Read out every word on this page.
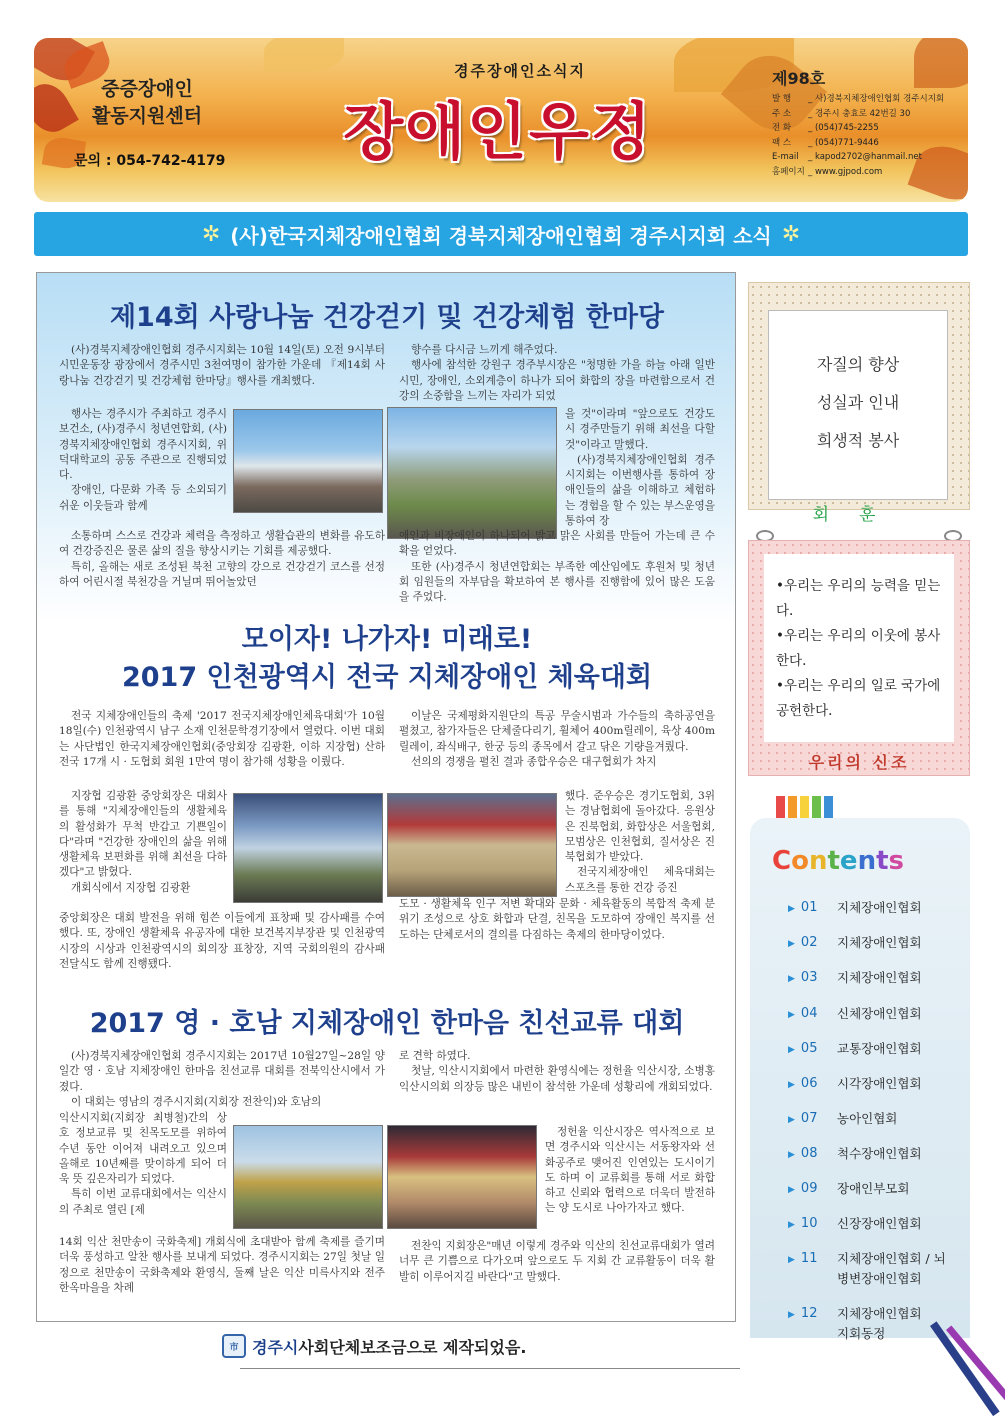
중증장애인
활동지원센터
문의 : 054-742-4179
경주장애인소식지
장애인우정
제98호
발 행 _ 사)경북지체장애인협회 경주시지회
주 소 _ 경주시 충효로 42번길 30
전 화 _ (054)745-2255
팩 스 _ (054)771-9446
E-mail _ kapod2702@hanmail.net
홈페이지 _ www.gjpod.com
✲ (사)한국지체장애인협회 경북지체장애인협회 경주시지회 소식 ✲
제14회 사랑나눔 건강걷기 및 건강체험 한마당

(사)경북지체장애인협회 경주시지회는 10월 14일(토) 오전 9시부터 시민운동장 광장에서 경주시민 3천여명이 참가한 가운데 『제14회 사랑나눔 건강걷기 및 건강체험 한마당』행사를 개최했다.

행사는 경주시가 주최하고 경주시보건소, (사)경주시 청년연합회, (사)경북지체장애인협회 경주시지회, 위덕대학교의 공동 주관으로 진행되었다.

장애인, 다문화 가족 등 소외되기 쉬운 이웃들과 함께

소통하며 스스로 건강과 체력을 측정하고 생활습관의 변화를 유도하여 건강증진은 물론 삶의 질을 향상시키는 기회를 제공했다.

특히, 올해는 새로 조성된 북천 고향의 강으로 건강걷기 코스를 선정하여 어린시절 북천강을 거닐며 뛰어놀았던

향수를 다시금 느끼게 해주었다.

행사에 참석한 강원구 경주부시장은 "청명한 가을 하늘 아래 일반시민, 장애인, 소외계층이 하나가 되어 화합의 장을 마련함으로서 건강의 소중함을 느끼는 자리가 되었

을 것"이라며 "앞으로도 건강도시 경주만들기 위해 최선을 다할 것"이라고 말했다.

(사)경북지체장애인협회 경주시지회는 이번행사를 통하여 장애인들의 삶을 이해하고 체험하는 경험을 할 수 있는 부스운영을 통하여 장

애인과 비장애인이 하나되어 밝고 맑은 사회를 만들어 가는데 큰 수확을 얻었다.

또한 (사)경주시 청년연합회는 부족한 예산임에도 후원처 및 청년회 임원들의 자부담을 확보하여 본 행사를 진행함에 있어 많은 도움을 주었다.

모이자! 나가자! 미래로!
2017 인천광역시 전국 지체장애인 체육대회

전국 지체장애인들의 축제 '2017 전국지체장애인체육대회'가 10월 18일(수) 인천광역시 남구 소재 인천문학경기장에서 열렸다. 이번 대회는 사단법인 한국지체장애인협회(중앙회장 김광환, 이하 지장협) 산하 전국 17개 시 · 도협회 회원 1만여 명이 참가해 성황을 이뤘다.

지장협 김광환 중앙회장은 대회사를 통해 "지체장애인들의 생활체육의 활성화가 무척 반갑고 기쁜일이다"라며 "건강한 장애인의 삶을 위해 생활체육 보편화를 위해 최선을 다하겠다"고 밝혔다.

개회식에서 지장협 김광환

중앙회장은 대회 발전을 위해 힘쓴 이들에게 표창패 및 감사패를 수여했다. 또, 장애인 생활체육 유공자에 대한 보건복지부장관 및 인천광역시장의 시상과 인천광역시의 회의장 표창장, 지역 국회의원의 감사패 전달식도 함께 진행됐다.

이날은 국제평화지원단의 특공 무술시범과 가수들의 축하공연을 펼쳤고, 참가자들은 단체줄다리기, 휠체어 400m릴레이, 육상 400m릴레이, 좌식배구, 한궁 등의 종목에서 갈고 닦은 기량을겨뤘다.

선의의 경쟁을 펼친 결과 종합우승은 대구협회가 차지

했다. 준우승은 경기도협회, 3위는 경남협회에 돌아갔다. 응원상은 진북협회, 화합상은 서울협회, 모범상은 인천협회, 질서상은 진북협회가 받았다.

전국지체장애인 체육대회는 스포츠를 통한 건강 증진

도모 · 생활체육 인구 저변 확대와 문화 · 체육활동의 복합적 축제 분위기 조성으로 상호 화합과 단결, 친목을 도모하여 장애인 복지를 선도하는 단체로서의 결의를 다짐하는 축제의 한마당이었다.

2017 영 · 호남 지체장애인 한마음 친선교류 대회

(사)경북지체장애인협회 경주시지회는 2017년 10월27일~28일 양일간 영 · 호남 지체장애인 한마음 친선교류 대회를 전북익산시에서 가졌다.

이 대회는 영남의 경주시지회(지회장 전찬익)와 호남의

익산시지회(지회장 최병철)간의 상호 정보교류 및 친목도모를 위하여 수년 동안 이어져 내려오고 있으며 올해로 10년째를 맞이하게 되어 더욱 뜻 깊은자리가 되었다.

특히 이번 교류대회에서는 익산시의 주최로 열린 [제

14회 익산 천만송이 국화축제] 개회식에 초대받아 함께 축제를 즐기며 더욱 풍성하고 알찬 행사를 보내게 되었다. 경주시지회는 27일 첫날 일정으로 천만송이 국화축제와 환영식, 둘째 날은 익산 미륵사지와 전주 한옥마을을 차례

로 견학 하였다.

첫날, 익산시지회에서 마련한 환영식에는 정헌율 익산시장, 소병홍 익산시의회 의장등 많은 내빈이 참석한 가운데 성황리에 개회되었다.

정헌율 익산시장은 역사적으로 보면 경주시와 익산시는 서동왕자와 선화공주로 맺어진 인연있는 도시이기도 하며 이 교류회를 통해 서로 화합하고 신뢰와 협력으로 더욱더 발전하는 양 도시로 나아가자고 했다.

전찬익 지회장은"매년 이렇게 경주와 익산의 친선교류대회가 열려 너무 큰 기쁨으로 다가오며 앞으로도 두 지회 간 교류활동이 더욱 활발히 이루어지길 바란다"고 말했다.

자질의 향상
성실과 인내
희생적 봉사
회훈
•우리는 우리의 능력을 믿는다.
•우리는 우리의 이웃에 봉사한다.
•우리는 우리의 일로 국가에 공헌한다.
우리의 신조
Contents
▶ 01 지체장애인협회
▶ 02 지체장애인협회
▶ 03 지체장애인협회
▶ 04 신체장애인협회
▶ 05 교통장애인협회
▶ 06 시각장애인협회
▶ 07 농아인협회
▶ 08 척수장애인협회
▶ 09 장애인부모회
▶ 10 신장장애인협회
▶ 11 지체장애인협회 / 뇌병변장애인협회
▶ 12 지체장애인협회 지회동정
市 경주시 사회단체보조금으로 제작되었음.
